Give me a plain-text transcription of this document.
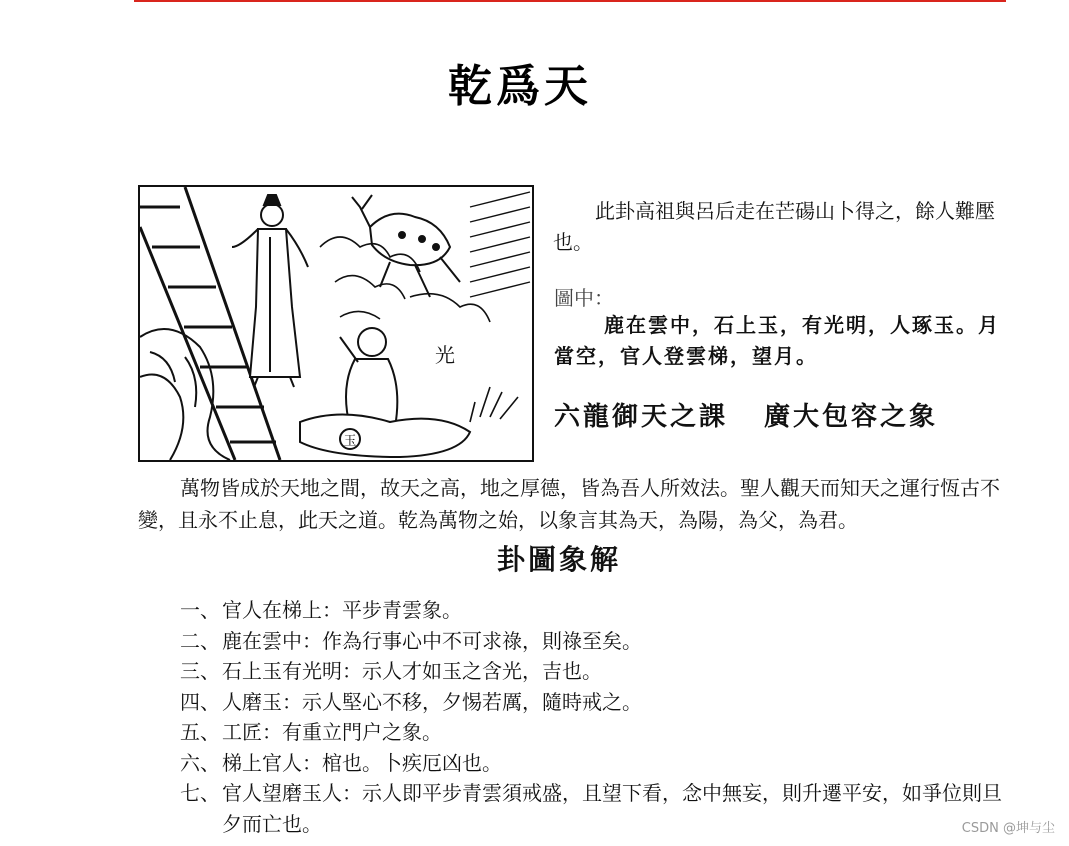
乾爲天
玉
光
此卦高祖與呂后走在芒碭山卜得之，餘人難壓也。
圖中：
鹿在雲中，石上玉，有光明，人琢玉。月當空，官人登雲梯，望月。
六龍御天之課 廣大包容之象
萬物皆成於天地之間，故天之高，地之厚德，皆為吾人所效法。聖人觀天而知天之運行恆古不變，且永不止息，此天之道。乾為萬物之始，以象言其為天，為陽，為父，為君。
卦圖象解
一、 官人在梯上：平步青雲象。
二、 鹿在雲中：作為行事心中不可求祿，則祿至矣。
三、 石上玉有光明：示人才如玉之含光，吉也。
四、 人磨玉：示人堅心不移，夕惕若厲，隨時戒之。
五、 工匠：有重立門户之象。
六、 梯上官人：棺也。卜疾厄凶也。
七、 官人望磨玉人：示人即平步青雲須戒盛，且望下看，念中無妄，則升遷平安，如爭位則旦夕而亡也。	CSDN @坤与尘
